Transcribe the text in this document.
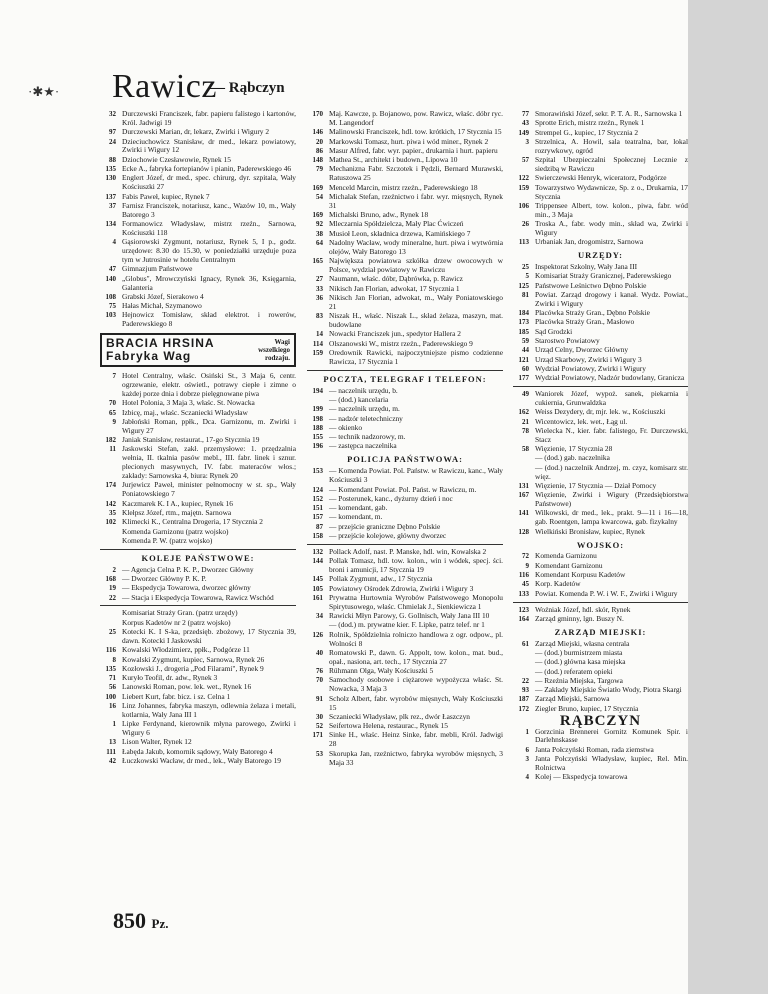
·✱★· Rawicz
— Rąbczyn
32 Durczewski Franciszek, fabr. papieru falistego i kartonów, Król. Jadwigi 19
97 Durczewski Marian, dr, lekarz, Zwirki i Wigury 2
24 Dzieciuchowicz Stanisław, dr med., lekarz powiatowy, Zwirki i Wigury 12
88 Dziochowie Czesławowie, Rynek 15
135 Ecke A., fabryka fortepianów i pianin, Paderewskiego 46
130 Englert Józef, dr med., spec. chirurg, dyr. szpitala, Wały Kościuszki 27
137 Fabis Paweł, kupiec, Rynek 7
37 Farnisz Franciszek, notariusz, kanc., Wazów 10, m., Wały Batorego 3
134 Formanowicz Władysław, mistrz rzeźn., Sarnowa, Kościuszki 118
4 Gąsiorowski Zygmunt, notariusz, Rynek 5, I p., godz. urzędowe: 8.30 do 15.30, w poniedziałki urzęduje poza tym w Jutrosinie w hotelu Centralnym
47 Gimnazjum Państwowe
140 „Globus", Mrowczyński Ignacy, Rynek 36, Księgarnia, Galanteria
108 Grabski Józef, Sierakowo 4
75 Hałas Michał, Szymanowo
103 Hejnowicz Tomisław, skład elektrot. i rowerów, Paderewskiego 8
BRACIA HRSINA
Fabryka Wag
Wagi
wszelkiego
rodzaju.
7 Hotel Centralny, właśc. Osiński St., 3 Maja 6, centr. ogrzewanie, elektr. oświetl., potrawy ciepłe i zimne o każdej porze dnia i dobrze pielęgnowane piwa
70 Hotel Polonia, 3 Maja 3, właśc. St. Nowacka
65 Izbicę, maj., właśc. Sczaniecki Władysław
9 Jabłoński Roman, ppłk., Dca. Garnizonu, m. Zwirki i Wigury 27
182 Janiak Stanisław, restaurat., 17-go Stycznia 19
11 Jaskowski Stefan, zakł. przemysłowe: 1. przędzalnia wełnia, II. tkalnia pasów mebl., III. fabr. linek i sznur. plecionych masywnych, IV. fabr. materaców włos.; zakłady: Sarnowska 4, biura: Rynek 20
174 Jurjewicz Paweł, minister pełnomocny w st. sp., Wały Poniatowskiego 7
142 Kaczmarek K. I A., kupiec, Rynek 16
35 Klełpsz Józef, rtm., majętn. Sarnowa
102 Klimecki K., Centralna Drogeria, 17 Stycznia 2
Komenda Garnizonu (patrz wojsko)
Komenda P. W. (patrz wojsko)
KOLEJE PAŃSTWOWE:
2 — Agencja Celna P. K. P., Dworzec Główny
168 — Dworzec Główny P. K. P.
19 — Ekspedycja Towarowa, dworzec główny
22 — Stacja i Ekspedycja Towarowa, Rawicz Wschód
Komisariat Straży Gran. (patrz urzędy)
Korpus Kadetów nr 2 (patrz wojsko)
25 Kotecki K. I S-ka, przedsięb. zbożowy, 17 Stycznia 39, dawn. Kotecki I Jaskowski
116 Kowalski Włodzimierz, ppłk., Podgórze 11
8 Kowalski Zygmunt, kupiec, Sarnowa, Rynek 26
135 Kozłowski J., drogeria „Pod Filarami", Rynek 9
71 Kuryło Teofil, dr. adw., Rynek 3
56 Lanowski Roman, pow. lek. wet., Rynek 16
100 Liebert Kurt, fabr. bicz. i sz. Celna 1
16 Linz Johannes, fabryka maszyn, odlewnia żelaza i metali, kotlarnia, Wały Jana III 1
1 Lipke Ferdynand, kierownik młyna parowego, Zwirki i Wigury 6
13 Lison Walter, Rynek 12
111 Łabęda Jakub, komornik sądowy, Wały Batorego 4
42 Łuczkowski Wacław, dr med., lek., Wały Batorego 19
170 Maj. Kawcze, p. Bojanowo, pow. Rawicz, właśc. dóbr ryc. M. Langendorf
146 Malinowski Franciszek, hdl. tow. krótkich, 17 Stycznia 15
20 Markowski Tomasz, hurt. piwa i wód miner., Rynek 2
86 Masur Alfred, fabr. wyr. papier., drukarnia i hurt. papieru
148 Mathea St., architekt i budown., Lipowa 10
79 Mechanizna Fabr. Szczotek i Pędzli, Bernard Murawski, Ratuszowa 25
169 Menceld Marcin, mistrz rzeźn., Paderewskiego 18
54 Michalak Stefan, rzeźnictwo i fabr. wyr. mięsnych, Rynek 31
169 Michalski Bruno, adw., Rynek 18
92 Mleczarnia Spółdzielcza, Mały Plac Ćwiczeń
38 Musioł Leon, składnica drzewa, Kamińskiego 7
64 Nadolny Wacław, wody mineralne, hurt. piwa i wytwórnia olejów, Wały Batorego 13
165 Największa powiatowa szkółka drzew owocowych w Polsce, wydział powiatowy w Rawiczu
27 Naumann, właśc. dóbr, Dąbrówka, p. Rawicz
33 Nikisch Jan Florian, adwokat, 17 Stycznia 1
36 Nikisch Jan Florian, adwokat, m., Wały Poniatowskiego 21
83 Niszak H., właśc. Niszak L., skład żelaza, maszyn, mat. budowlane
14 Nowacki Franciszek jun., spedytor Hallera 2
114 Olszanowski W., mistrz rzeźn., Paderewskiego 9
159 Oredownik Rawicki, najpoczytniejsze pismo codzienne Rawicza, 17 Stycznia 1
POCZTA, TELEGRAF I TELEFON:
194 — naczelnik urzędu, b.
— (dod.) kancelaria
199 — naczelnik urzędu, m.
198 — nadzór teletechniczny
188 — okienko
155 — technik nadzorowy, m.
196 — zastępca naczelnika
POLICJA PAŃSTWOWA:
153 — Komenda Powiat. Pol. Państw. w Rawiczu, kanc., Wały Kościuszki 3
124 — Komendant Powiat. Pol. Państ. w Rawiczu, m.
152 — Posterunek, kanc., dyżurny dzień i noc
151 — komendant, gab.
157 — komendant, m.
87 — przejście graniczne Dębno Polskie
158 — przejście kolejowe, główny dworzec
132 Pollack Adolf, nast. P. Manske, hdl. win, Kowalska 2
144 Pollak Tomasz, hdl. tow. kolon., win i wódek, specj. ści. broni i amunicji, 17 Stycznia 19
145 Pollak Zygmunt, adw., 17 Stycznia
105 Powiatowy Ośrodek Zdrowia, Zwirki i Wigury 3
161 Prywatna Hurtownia Wyrobów Państwowego Monopolu Spirytusowego, właśc. Chmielak J., Sienkiewicza 1
34 Rawicki Młyn Parowy, G. Gollnisch, Wały Jana III 10
— (dod.) m. prywatne kier. F. Lipke, patrz telef. nr 1
126 Rolnik, Spółdzielnia rolniczo handlowa z ogr. odpow., pl. Wolności 8
40 Romatowski P., dawn. G. Appolt, tow. kolon., mat. bud., opał., nasiona, art. tech., 17 Stycznia 27
76 Rühmann Olga, Wały Kościuszki 5
70 Samochody osobowe i ciężarowe wypożycza właśc. St. Nowacka, 3 Maja 3
91 Scholz Albert, fabr. wyrobów mięsnych, Wały Kościuszki 15
30 Sczaniecki Władysław, plk rez., dwór Łaszczyn
52 Seifertowa Helena, restaurac., Rynek 15
171 Sinke H., właśc. Heinz Sinke, fabr. mebli, Król. Jadwigi 28
53 Skorupka Jan, rzeźnictwo, fabryka wyrobów mięsnych, 3 Maja 33
77 Smorawiński Józef, sekr. P. T. A. R., Sarnowska 1
43 Sprotte Erich, mistrz rzeźn., Rynek 1
149 Strempel G., kupiec, 17 Stycznia 2
3 Strzelnica, A. Howil, sala teatralna, bar, lokal rozrywkowy, ogród
57 Szpital Ubezpieczalni Społecznej Lecznie z siedzibą w Rawiczu
122 Swierczewski Henryk, wiceratorz, Podgórze
159 Towarzystwo Wydawnicze, Sp. z o., Drukarnia, 17 Stycznia
106 Trippensee Albert, tow. kolon., piwa, fabr. wód min., 3 Maja
26 Troska A., fabr. wody min., skład wa, Zwirki i Wigury
113 Urbaniak Jan, drogomistrz, Sarnowa
URZĘDY:
25 Inspektorat Szkolny, Wały Jana III
5 Komisariat Straży Granicznej, Paderewskiego
125 Państwowe Leśnictwo Dębno Polskie
81 Powiat. Zarząd drogowy i kanał. Wydz. Powiat., Zwirki i Wigury
184 Placówka Straży Gran., Dębno Polskie
173 Placówka Straży Gran., Masłowo
185 Sąd Grodzki
59 Starostwo Powiatowy
44 Urząd Celny, Dworzec Główny
121 Urząd Skarbowy, Zwirki i Wigury 3
60 Wydział Powiatowy, Zwirki i Wigury
177 Wydział Powiatowy, Nadzór budowlany, Granicza
49 Waniorek Józef, wypoż. sanek, piekarnia i cukiernia, Grunwaldzka
162 Weiss Dezydery, dr, mjr. lek. w., Kościuszki
21 Wicentowicz, lek. wet., Łąg ul.
78 Wielecka N., kier. fabr. falistego, Fr. Durczewski, Stacz
58 Więzienie, 17 Stycznia 28
— (dod.) gab. naczelnika
— (dod.) naczelnik Andrzej, m. czyz, komisarz str. więz.
131 Więzienie, 17 Stycznia — Dział Pomocy
167 Więzienie, Zwirki i Wigury (Przedsiębiorstwa Państwowe)
141 Wilkowski, dr med., lek., prakt. 9—11 i 16—18, gab. Roentgen, lampa kwarcowa, gab. fizykalny
128 Wielkiński Bronisław, kupiec, Rynek
WOJSKO:
72 Komenda Garnizonu
9 Komendant Garnizonu
116 Komendant Korpusu Kadetów
45 Korp. Kadetów
133 Powiat. Komenda P. W. i W. F., Zwirki i Wigury
123 Woźniak Józef, hdl. skór, Rynek
164 Zarząd gminny, lgn. Buszy N.
ZARZĄD MIEJSKI:
61 Zarząd Miejski, własna centrala
— (dod.) burmistrzem miasta
— (dod.) główna kasa miejska
— (dod.) referatem opieki
22 — Rzeźnia Miejska, Targowa
93 — Zakłady Miejskie Światło Wody, Piotra Skargi
187 Zarząd Miejski, Sarnowa
172 Ziegler Bruno, kupiec, 17 Stycznia
RĄBCZYN
1 Gorzcinia Brennerei Gornitz Komunek Spir. i Darlehnskasse
6 Janta Połczyński Roman, rada ziemstwa
3 Janta Połczyński Władysław, kupiec, Rel. Min. Rolnictwa
4 Kolej — Ekspedycja towarowa
850 Pz.
